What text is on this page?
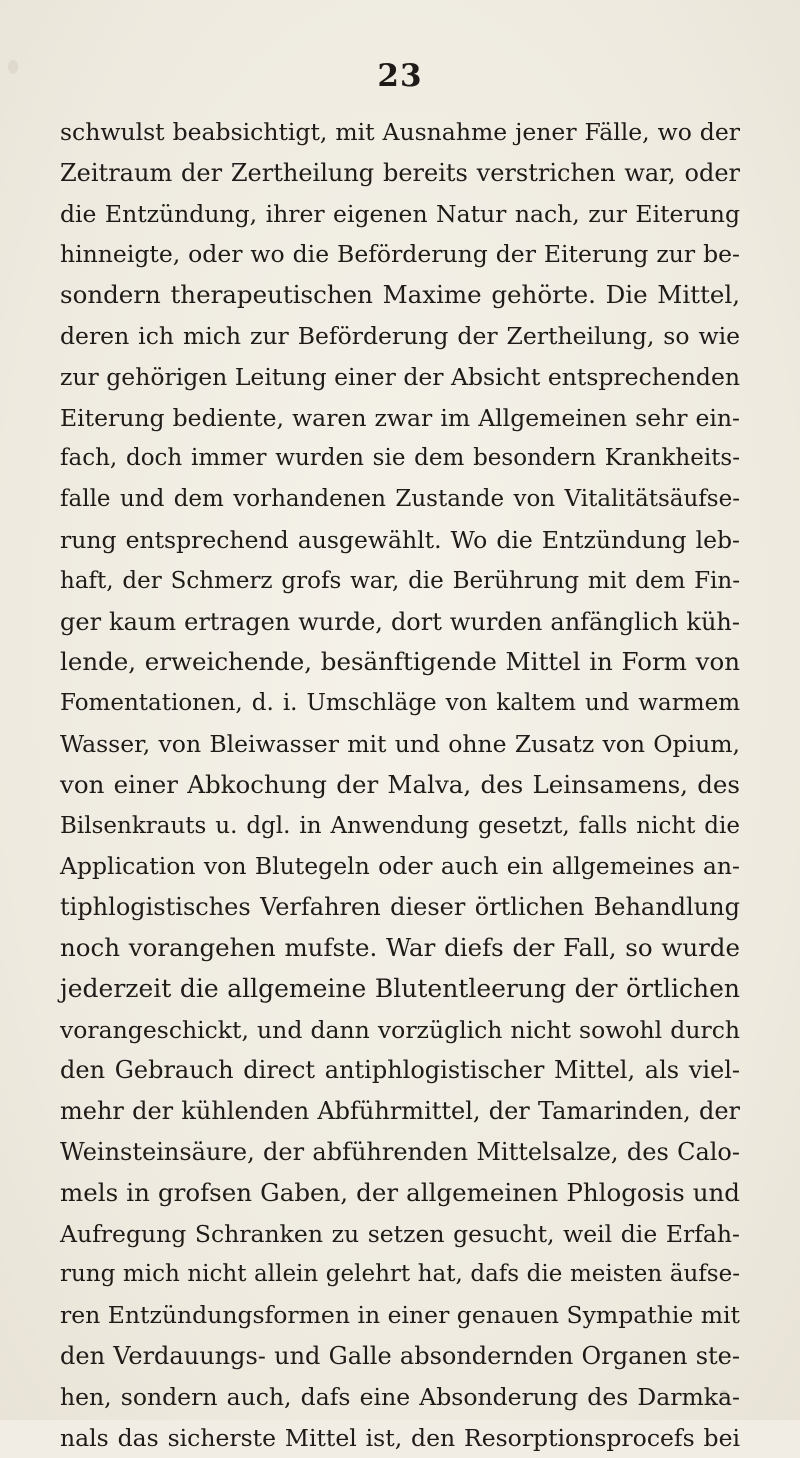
23
schwulst beabsichtigt, mit Ausnahme jener Fälle, wo der
Zeitraum der Zertheilung bereits verstrichen war, oder
die Entzündung, ihrer eigenen Natur nach, zur Eiterung
hinneigte, oder wo die Beförderung der Eiterung zur be-
sondern therapeutischen Maxime gehörte. Die Mittel,
deren ich mich zur Beförderung der Zertheilung, so wie
zur gehörigen Leitung einer der Absicht entsprechenden
Eiterung bediente, waren zwar im Allgemeinen sehr ein-
fach, doch immer wurden sie dem besondern Krankheits-
falle und dem vorhandenen Zustande von Vitalitätsäufse-
rung entsprechend ausgewählt. Wo die Entzündung leb-
haft, der Schmerz grofs war, die Berührung mit dem Fin-
ger kaum ertragen wurde, dort wurden anfänglich küh-
lende, erweichende, besänftigende Mittel in Form von
Fomentationen, d. i. Umschläge von kaltem und warmem
Wasser, von Bleiwasser mit und ohne Zusatz von Opium,
von einer Abkochung der Malva, des Leinsamens, des
Bilsenkrauts u. dgl. in Anwendung gesetzt, falls nicht die
Application von Blutegeln oder auch ein allgemeines an-
tiphlogistisches Verfahren dieser örtlichen Behandlung
noch vorangehen mufste. War diefs der Fall, so wurde
jederzeit die allgemeine Blutentleerung der örtlichen
vorangeschickt, und dann vorzüglich nicht sowohl durch
den Gebrauch direct antiphlogistischer Mittel, als viel-
mehr der kühlenden Abführmittel, der Tamarinden, der
Weinsteinsäure, der abführenden Mittelsalze, des Calo-
mels in grofsen Gaben, der allgemeinen Phlogosis und
Aufregung Schranken zu setzen gesucht, weil die Erfah-
rung mich nicht allein gelehrt hat, dafs die meisten äufse-
ren Entzündungsformen in einer genauen Sympathie mit
den Verdauungs- und Galle absondernden Organen ste-
hen, sondern auch, dafs eine Absonderung des Darmka-
nals das sicherste Mittel ist, den Resorptionsprocefs bei
